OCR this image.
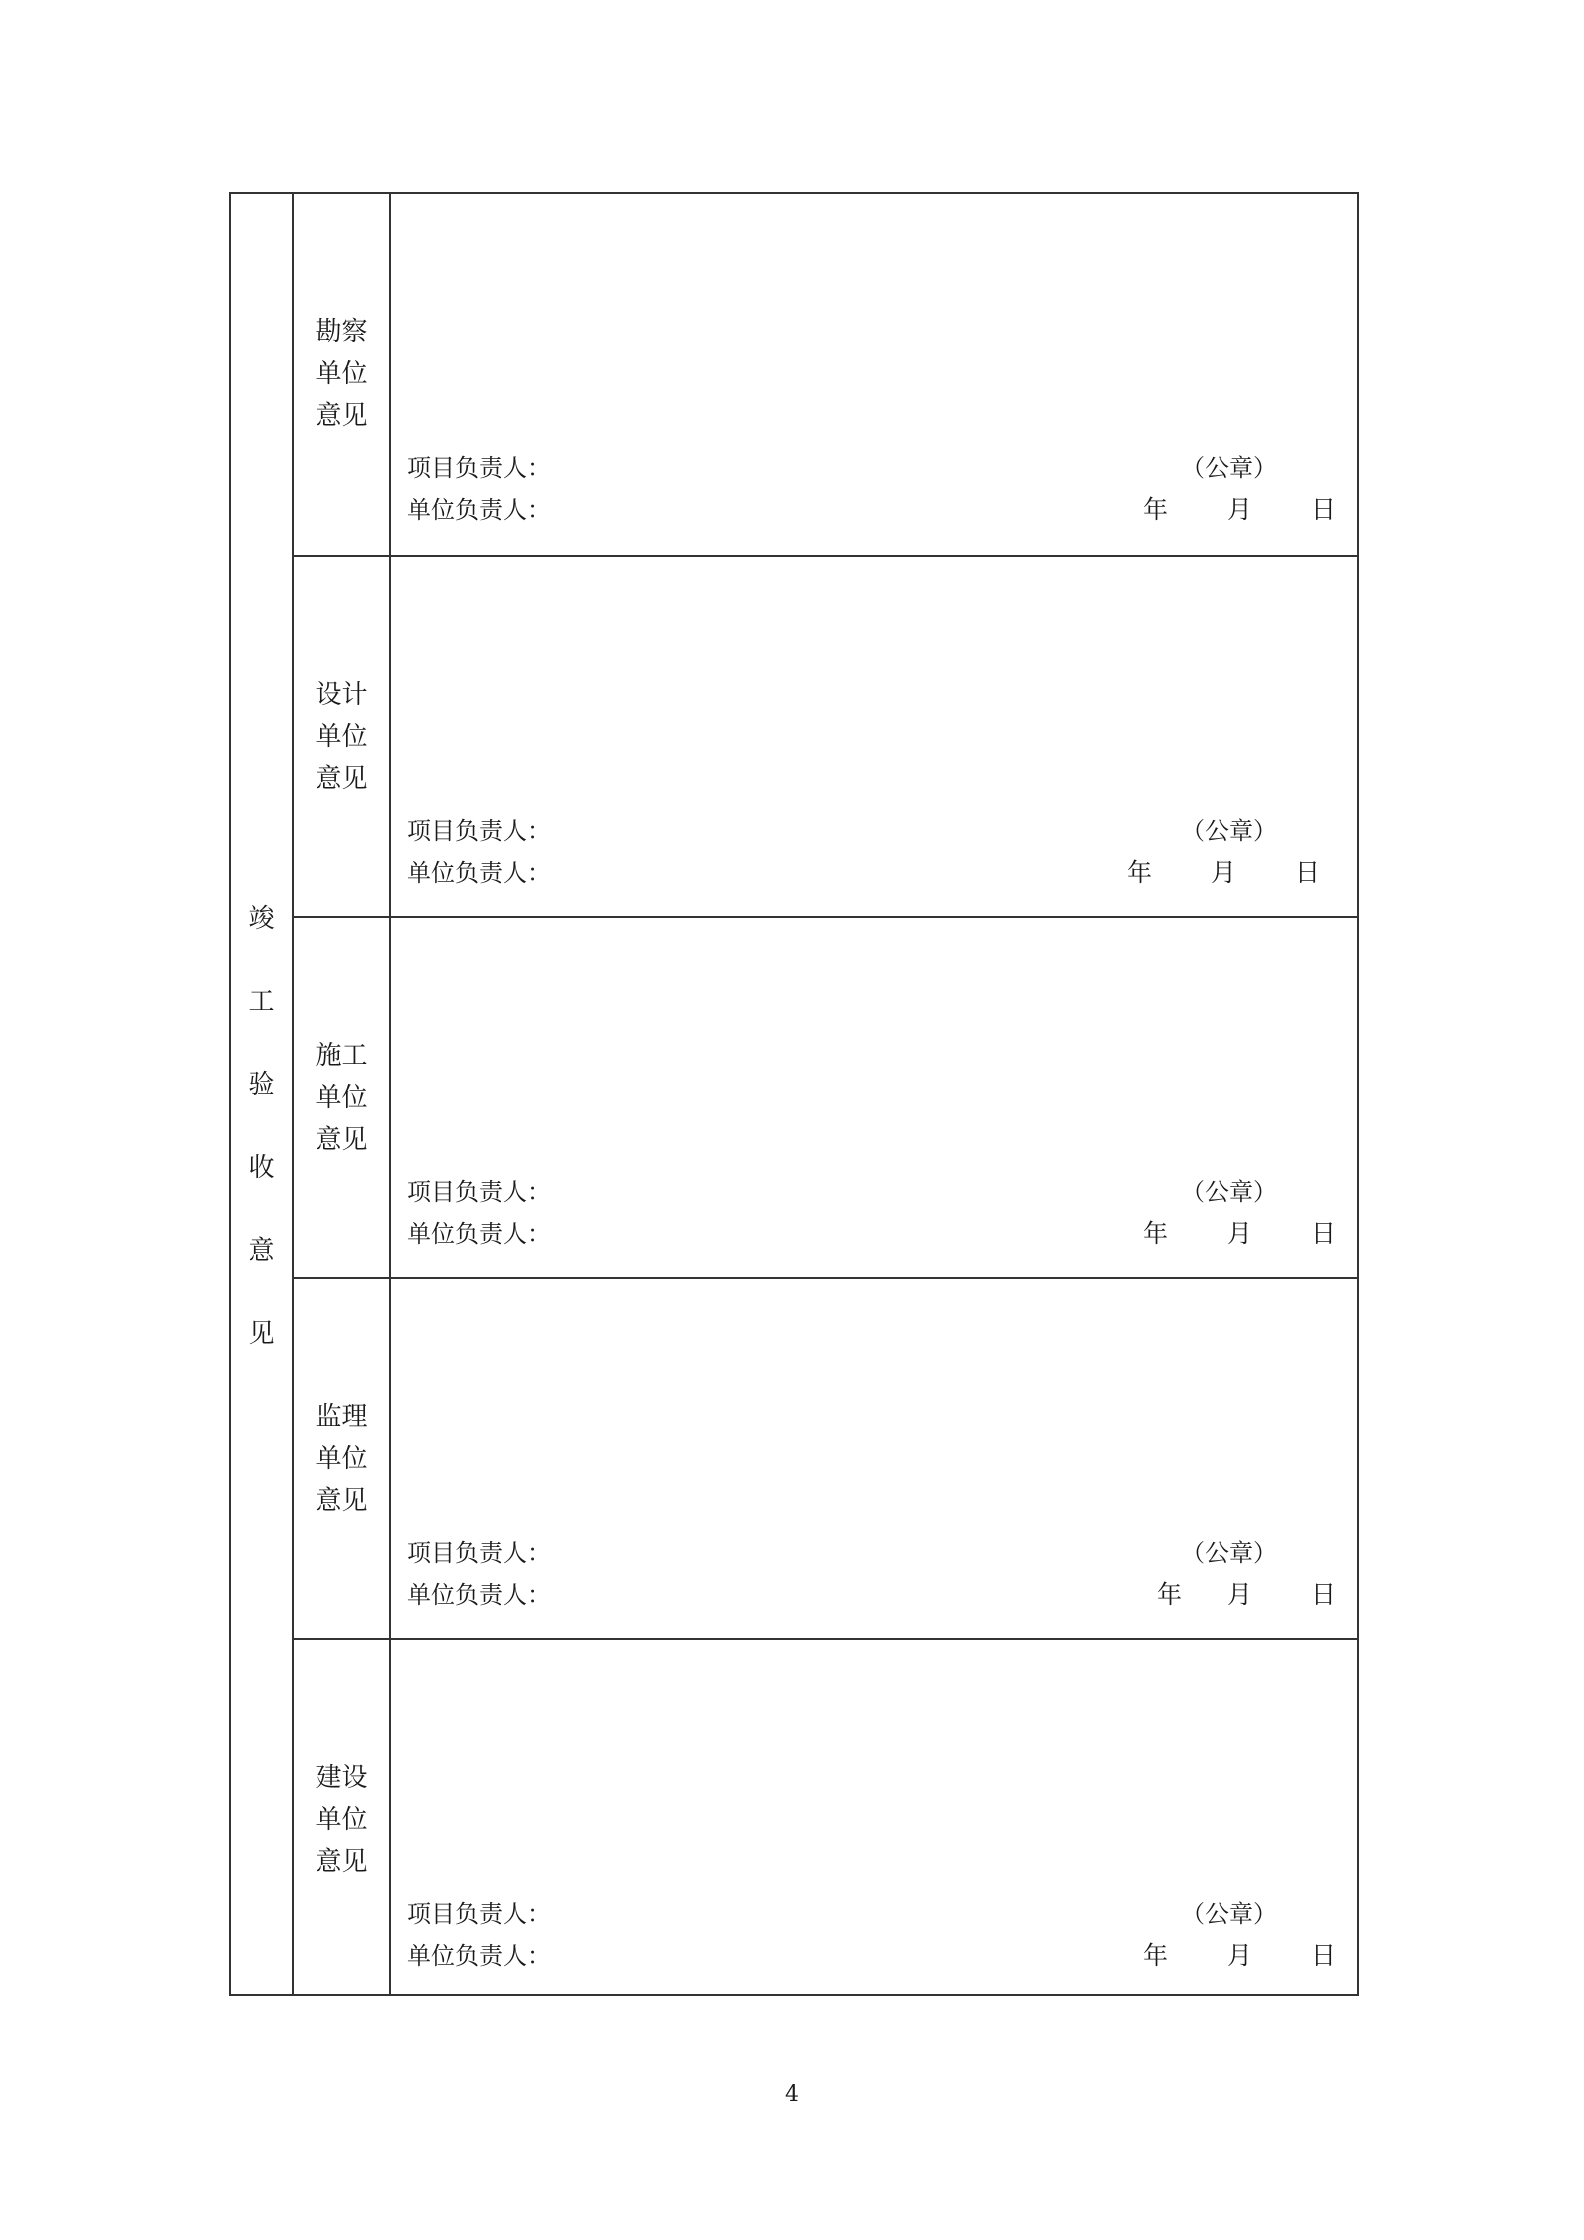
竣
工
验
收
意
见
勘察
单位
意见
项目负责人：
单位负责人：
（公章）
年 月 日
设计
单位
意见
项目负责人：
单位负责人：
（公章）
年 月 日
施工
单位
意见
项目负责人：
单位负责人：
（公章）
年 月 日
监理
单位
意见
项目负责人：
单位负责人：
（公章）
年 月 日
建设
单位
意见
项目负责人：
单位负责人：
（公章）
年 月 日
4
